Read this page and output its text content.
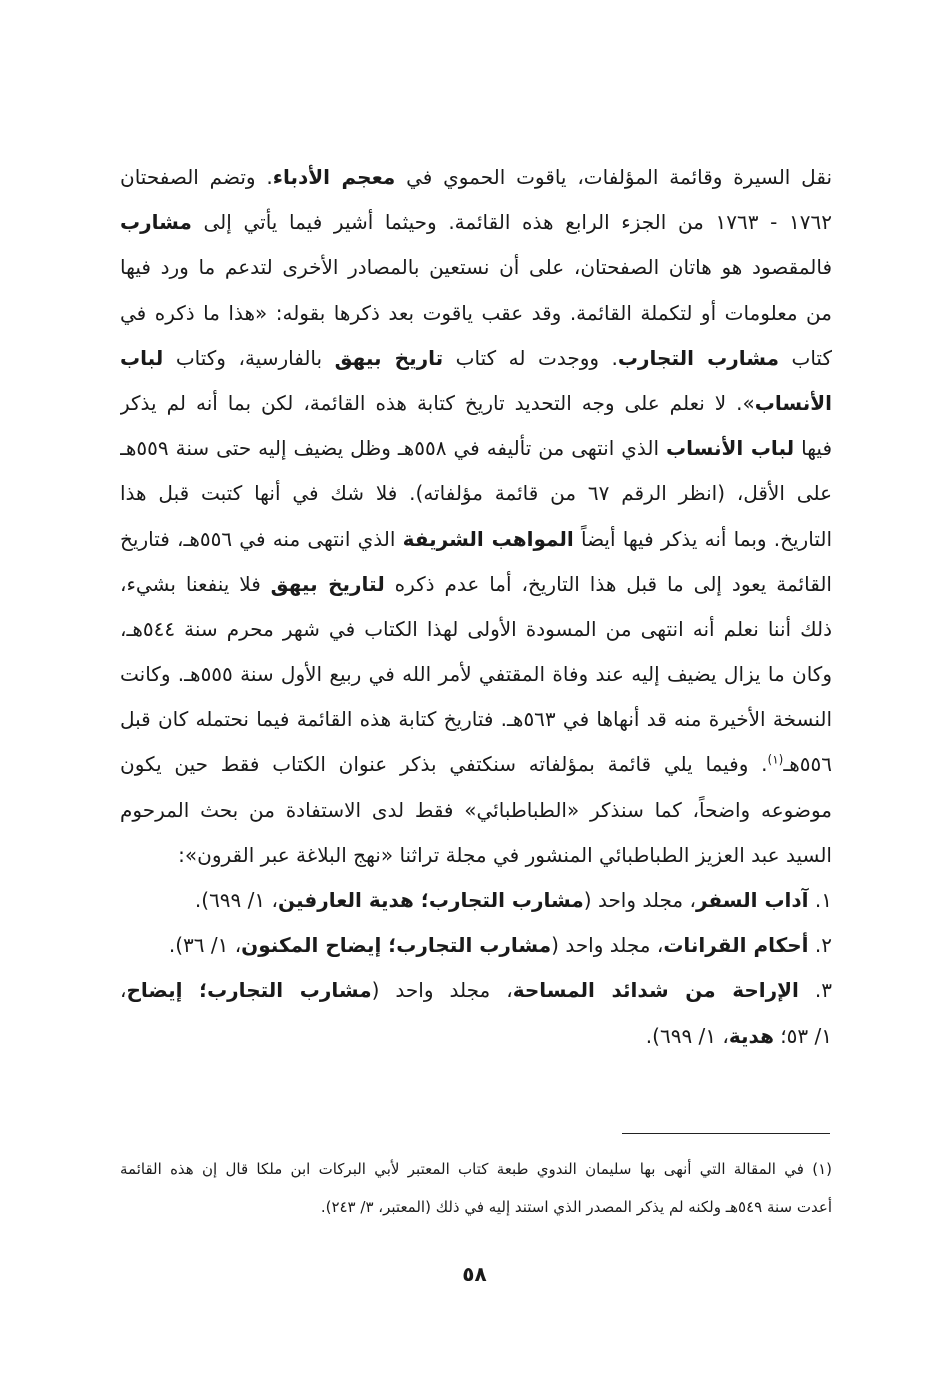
نقل السيرة وقائمة المؤلفات، ياقوت الحموي في معجم الأدباء. وتضم الصفحتان
١٧٦٢ - ١٧٦٣ من الجزء الرابع هذه القائمة. وحيثما أشير فيما يأتي إلى مشارب
فالمقصود هو هاتان الصفحتان، على أن نستعين بالمصادر الأخرى لتدعم ما ورد فيها
من معلومات أو لتكملة القائمة. وقد عقب ياقوت بعد ذكرها بقوله: «هذا ما ذكره في
كتاب مشارب التجارب. ووجدت له كتاب تاريخ بيهق بالفارسية، وكتاب لباب
الأنساب». لا نعلم على وجه التحديد تاريخ كتابة هذه القائمة، لكن بما أنه لم يذكر
فيها لباب الأنساب الذي انتهى من تأليفه في ٥٥٨هـ وظل يضيف إليه حتى سنة ٥٥٩هـ
على الأقل، (انظر الرقم ٦٧ من قائمة مؤلفاته). فلا شك في أنها كتبت قبل هذا
التاريخ. وبما أنه يذكر فيها أيضاً المواهب الشريفة الذي انتهى منه في ٥٥٦هـ، فتاريخ
القائمة يعود إلى ما قبل هذا التاريخ، أما عدم ذكره لتاريخ بيهق فلا ينفعنا بشيء،
ذلك أننا نعلم أنه انتهى من المسودة الأولى لهذا الكتاب في شهر محرم سنة ٥٤٤هـ،
وكان ما يزال يضيف إليه عند وفاة المقتفي لأمر الله في ربيع الأول سنة ٥٥٥هـ. وكانت
النسخة الأخيرة منه قد أنهاها في ٥٦٣هـ. فتاريخ كتابة هذه القائمة فيما نحتمله كان قبل
٥٥٦هـ$^{(١)}$. وفيما يلي قائمة بمؤلفاته سنكتفي بذكر عنوان الكتاب فقط حين يكون
موضوعه واضحاً، كما سنذكر «الطباطبائي» فقط لدى الاستفادة من بحث المرحوم
السيد عبد العزيز الطباطبائي المنشور في مجلة تراثنا «نهج البلاغة عبر القرون»:
١. آداب السفر، مجلد واحد (مشارب التجارب؛ هدية العارفين، ١/ ٦٩٩).
٢. أحكام القرانات، مجلد واحد (مشارب التجارب؛ إيضاح المكنون، ١/ ٣٦).
٣. الإراحة من شدائد المساحة، مجلد واحد (مشارب التجارب؛ إيضاح،
١/ ٥٣؛ هدية، ١/ ٦٩٩).
(١) في المقالة التي أنهى بها سليمان الندوي طبعة كتاب المعتبر لأبي البركات ابن ملكا قال إن هذه القائمة
أعدت سنة ٥٤٩هـ ولكنه لم يذكر المصدر الذي استند إليه في ذلك (المعتبر، ٣/ ٢٤٣).
٥٨
